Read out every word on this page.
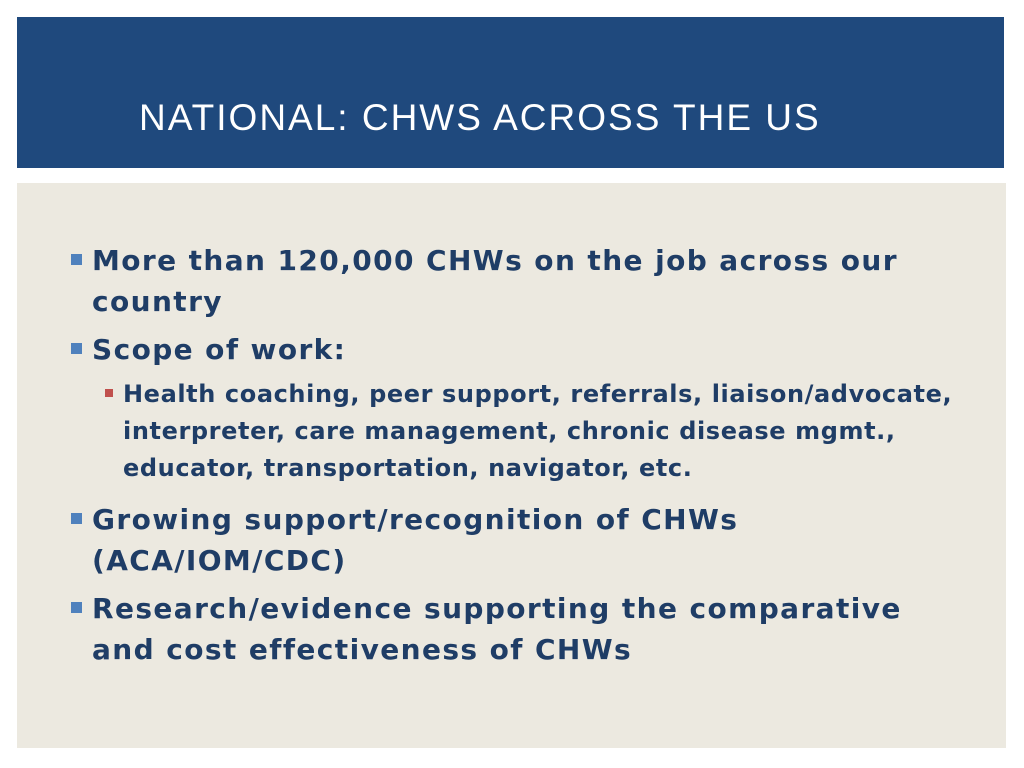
NATIONAL: CHWS ACROSS THE US
More than 120,000 CHWs on the job across our country
Scope of work:
Health coaching, peer support, referrals, liaison/advocate, interpreter, care management, chronic disease mgmt., educator, transportation, navigator, etc.
Growing support/recognition of CHWs (ACA/IOM/CDC)
Research/evidence supporting the comparative and cost effectiveness of CHWs
